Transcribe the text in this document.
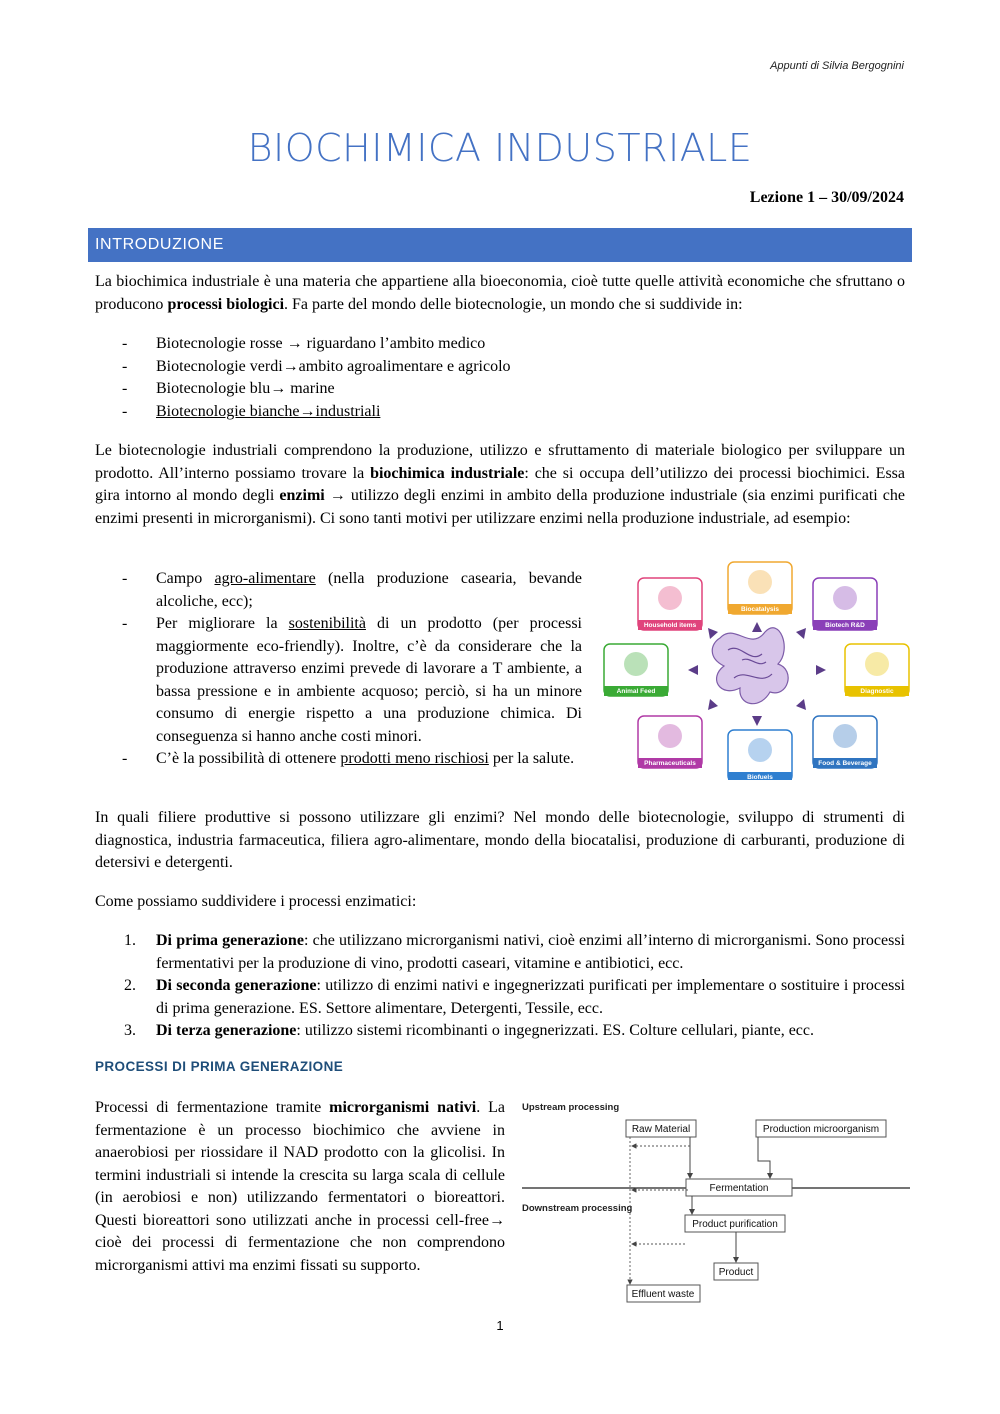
Appunti di Silvia Bergognini
BIOCHIMICA INDUSTRIALE
Lezione 1 – 30/09/2024
INTRODUZIONE
La biochimica industriale è una materia che appartiene alla bioeconomia, cioè tutte quelle attività economiche che sfruttano o producono processi biologici. Fa parte del mondo delle biotecnologie, un mondo che si suddivide in:
- Biotecnologie rosse → riguardano l’ambito medico
- Biotecnologie verdi→ambito agroalimentare e agricolo
- Biotecnologie blu→ marine
- Biotecnologie bianche→industriali
Le biotecnologie industriali comprendono la produzione, utilizzo e sfruttamento di materiale biologico per sviluppare un prodotto. All’interno possiamo trovare la biochimica industriale: che si occupa dell’utilizzo dei processi biochimici. Essa gira intorno al mondo degli enzimi → utilizzo degli enzimi in ambito della produzione industriale (sia enzimi purificati che enzimi presenti in microrganismi). Ci sono tanti motivi per utilizzare enzimi nella produzione industriale, ad esempio:
- Campo agro-alimentare (nella produzione casearia, bevande alcoliche, ecc);
- Per migliorare la sostenibilità di un prodotto (per processi maggiormente eco-friendly). Inoltre, c’è da considerare che la produzione attraverso enzimi prevede di lavorare a T ambiente, a bassa pressione e in ambiente acquoso; perciò, si ha un minore consumo di energie rispetto a una produzione chimica. Di conseguenza si hanno anche costi minori.
- C’è la possibilità di ottenere prodotti meno rischiosi per la salute.
Household items
Biocatalysis
Biotech R&D
Animal Feed	Diagnostic
Pharmaceuticals
Biofuels
Food & Beverage
In quali filiere produttive si possono utilizzare gli enzimi? Nel mondo delle biotecnologie, sviluppo di strumenti di diagnostica, industria farmaceutica, filiera agro-alimentare, mondo della biocatalisi, produzione di carburanti, produzione di detersivi e detergenti.
Come possiamo suddividere i processi enzimatici:
1. Di prima generazione: che utilizzano microrganismi nativi, cioè enzimi all’interno di microrganismi. Sono processi fermentativi per la produzione di vino, prodotti caseari, vitamine e antibiotici, ecc.
2. Di seconda generazione: utilizzo di enzimi nativi e ingegnerizzati purificati per implementare o sostituire i processi di prima generazione. ES. Settore alimentare, Detergenti, Tessile, ecc.
3. Di terza generazione: utilizzo sistemi ricombinanti o ingegnerizzati. ES. Colture cellulari, piante, ecc.
PROCESSI DI PRIMA GENERAZIONE
Processi di fermentazione tramite microrganismi nativi. La fermentazione è un processo biochimico che avviene in anaerobiosi per riossidare il NAD prodotto con la glicolisi. In termini industriali si intende la crescita su larga scala di cellule (in aerobiosi e non) utilizzando fermentatori o bioreattori. Questi bioreattori sono utilizzati anche in processi cell-free→ cioè dei processi di fermentazione che non comprendono microrganismi attivi ma enzimi fissati su supporto.
Upstream processing
Downstream processing
Raw Material	Production microorganism
Fermentation
Product purification
Product
Effluent waste
1
